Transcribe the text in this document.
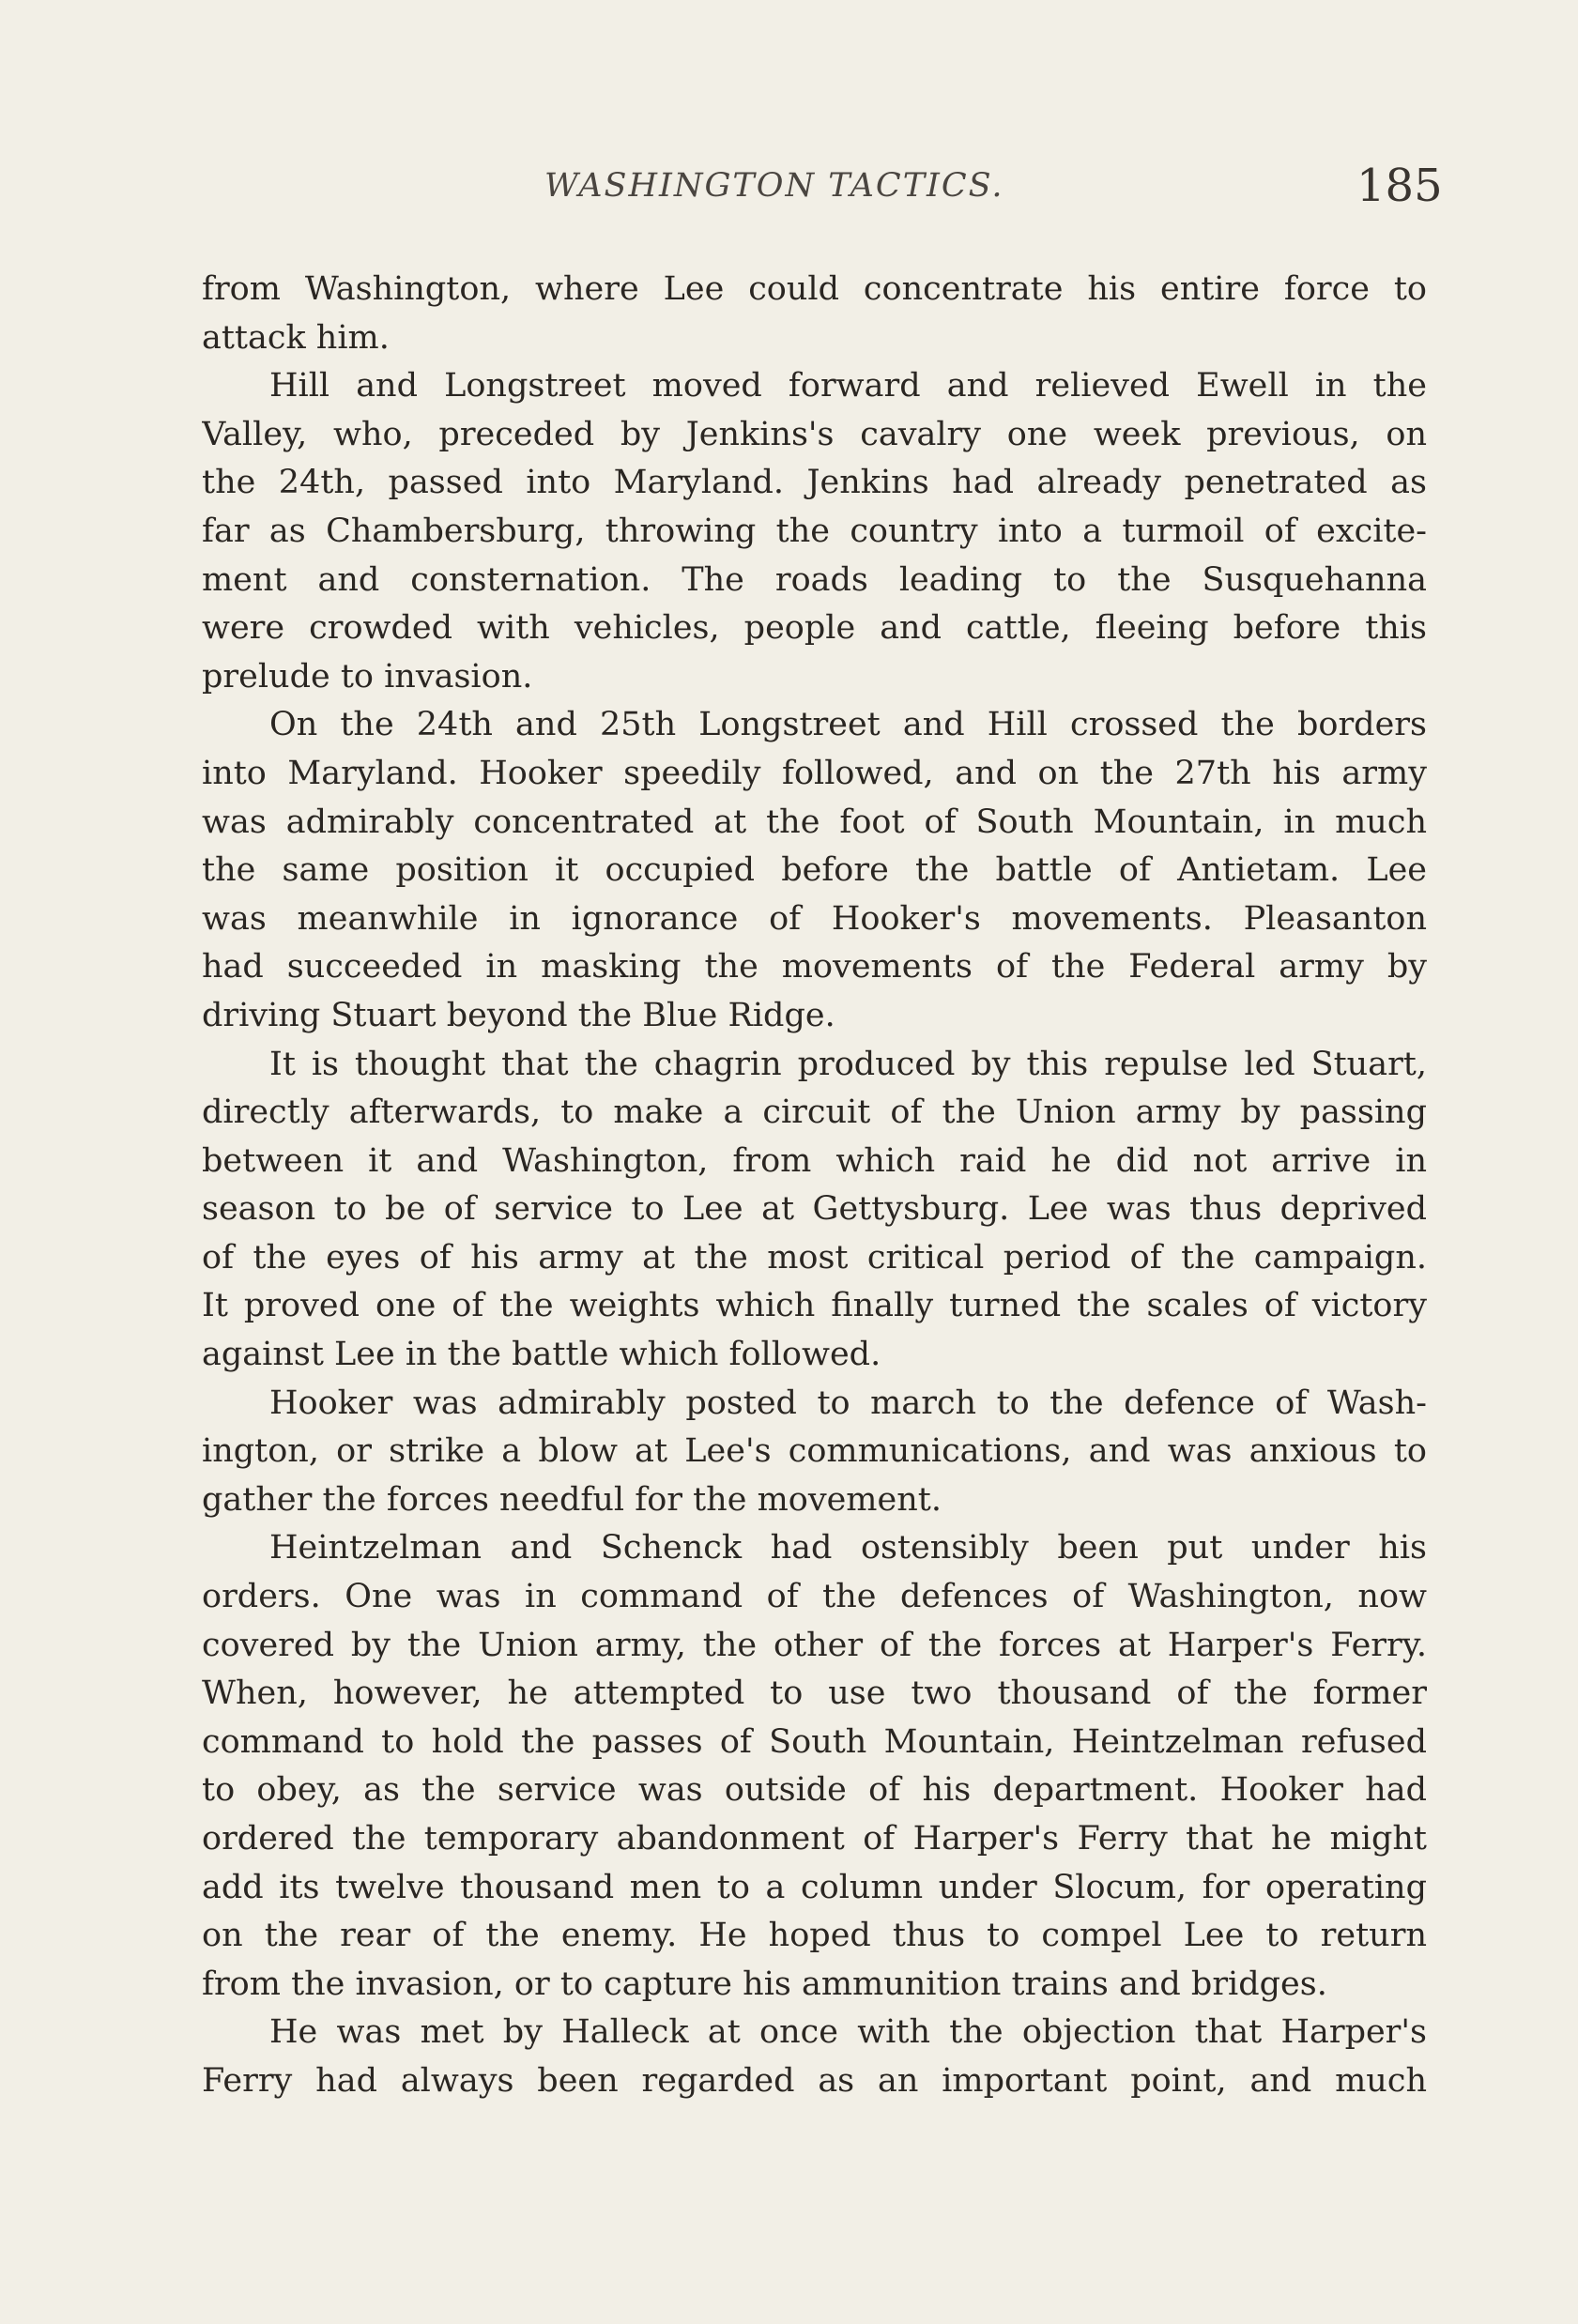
WASHINGTON TACTICS.	185
from Washington, where Lee could concentrate his entire force to
attack him.
Hill and Longstreet moved forward and relieved Ewell in the
Valley, who, preceded by Jenkins's cavalry one week previous, on
the 24th, passed into Maryland. Jenkins had already penetrated as
far as Chambersburg, throwing the country into a turmoil of excite-
ment and consternation. The roads leading to the Susquehanna
were crowded with vehicles, people and cattle, fleeing before this
prelude to invasion.
On the 24th and 25th Longstreet and Hill crossed the borders
into Maryland. Hooker speedily followed, and on the 27th his army
was admirably concentrated at the foot of South Mountain, in much
the same position it occupied before the battle of Antietam. Lee
was meanwhile in ignorance of Hooker's movements. Pleasanton
had succeeded in masking the movements of the Federal army by
driving Stuart beyond the Blue Ridge.
It is thought that the chagrin produced by this repulse led Stuart,
directly afterwards, to make a circuit of the Union army by passing
between it and Washington, from which raid he did not arrive in
season to be of service to Lee at Gettysburg. Lee was thus deprived
of the eyes of his army at the most critical period of the campaign.
It proved one of the weights which finally turned the scales of victory
against Lee in the battle which followed.
Hooker was admirably posted to march to the defence of Wash-
ington, or strike a blow at Lee's communications, and was anxious to
gather the forces needful for the movement.
Heintzelman and Schenck had ostensibly been put under his
orders. One was in command of the defences of Washington, now
covered by the Union army, the other of the forces at Harper's Ferry.
When, however, he attempted to use two thousand of the former
command to hold the passes of South Mountain, Heintzelman refused
to obey, as the service was outside of his department. Hooker had
ordered the temporary abandonment of Harper's Ferry that he might
add its twelve thousand men to a column under Slocum, for operating
on the rear of the enemy. He hoped thus to compel Lee to return
from the invasion, or to capture his ammunition trains and bridges.
He was met by Halleck at once with the objection that Harper's
Ferry had always been regarded as an important point, and much
